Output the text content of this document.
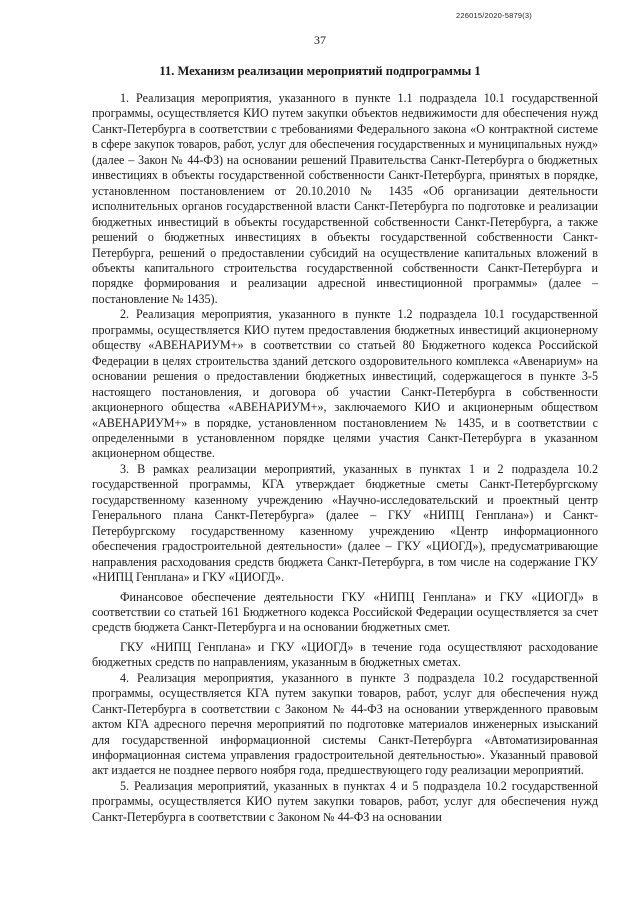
226015/2020-5879(3)
37
11. Механизм реализации мероприятий подпрограммы 1

1. Реализация мероприятия, указанного в пункте 1.1 подраздела 10.1 государственной программы, осуществляется КИО путем закупки объектов недвижимости для обеспечения нужд Санкт-Петербурга в соответствии с требованиями Федерального закона «О контрактной системе в сфере закупок товаров, работ, услуг для обеспечения государственных и муниципальных нужд» (далее – Закон № 44-ФЗ) на основании решений Правительства Санкт-Петербурга о бюджетных инвестициях в объекты государственной собственности Санкт-Петербурга, принятых в порядке, установленном постановлением от 20.10.2010 № 1435 «Об организации деятельности исполнительных органов государственной власти Санкт-Петербурга по подготовке и реализации бюджетных инвестиций в объекты государственной собственности Санкт-Петербурга, а также решений о бюджетных инвестициях в объекты государственной собственности Санкт-Петербурга, решений о предоставлении субсидий на осуществление капитальных вложений в объекты капитального строительства государственной собственности Санкт-Петербурга и порядке формирования и реализации адресной инвестиционной программы» (далее – постановление № 1435).

2. Реализация мероприятия, указанного в пункте 1.2 подраздела 10.1 государственной программы, осуществляется КИО путем предоставления бюджетных инвестиций акционерному обществу «АВЕНАРИУМ+» в соответствии со статьей 80 Бюджетного кодекса Российской Федерации в целях строительства зданий детского оздоровительного комплекса «Авенариум» на основании решения о предоставлении бюджетных инвестиций, содержащегося в пункте 3-5 настоящего постановления, и договора об участии Санкт-Петербурга в собственности акционерного общества «АВЕНАРИУМ+», заключаемого КИО и акционерным обществом «АВЕНАРИУМ+» в порядке, установленном постановлением № 1435, и в соответствии с определенными в установленном порядке целями участия Санкт-Петербурга в указанном акционерном обществе.

3. В рамках реализации мероприятий, указанных в пунктах 1 и 2 подраздела 10.2 государственной программы, КГА утверждает бюджетные сметы Санкт-Петербургскому государственному казенному учреждению «Научно-исследовательский и проектный центр Генерального плана Санкт-Петербурга» (далее – ГКУ «НИПЦ Генплана») и Санкт-Петербургскому государственному казенному учреждению «Центр информационного обеспечения градостроительной деятельности» (далее – ГКУ «ЦИОГД»), предусматривающие направления расходования средств бюджета Санкт-Петербурга, в том числе на содержание ГКУ «НИПЦ Генплана» и ГКУ «ЦИОГД».

Финансовое обеспечение деятельности ГКУ «НИПЦ Генплана» и ГКУ «ЦИОГД» в соответствии со статьей 161 Бюджетного кодекса Российской Федерации осуществляется за счет средств бюджета Санкт-Петербурга и на основании бюджетных смет.

ГКУ «НИПЦ Генплана» и ГКУ «ЦИОГД» в течение года осуществляют расходование бюджетных средств по направлениям, указанным в бюджетных сметах.

4. Реализация мероприятия, указанного в пункте 3 подраздела 10.2 государственной программы, осуществляется КГА путем закупки товаров, работ, услуг для обеспечения нужд Санкт-Петербурга в соответствии с Законом № 44-ФЗ на основании утвержденного правовым актом КГА адресного перечня мероприятий по подготовке материалов инженерных изысканий для государственной информационной системы Санкт-Петербурга «Автоматизированная информационная система управления градостроительной деятельностью». Указанный правовой акт издается не позднее первого ноября года, предшествующего году реализации мероприятий.

5. Реализация мероприятий, указанных в пунктах 4 и 5 подраздела 10.2 государственной программы, осуществляется КИО путем закупки товаров, работ, услуг для обеспечения нужд Санкт-Петербурга в соответствии с Законом № 44-ФЗ на основании
